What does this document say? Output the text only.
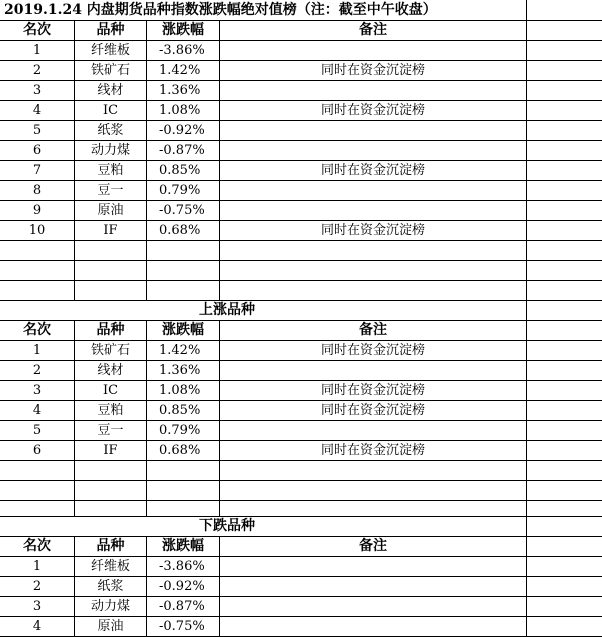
2019.1.24 内盘期货品种指数涨跌幅绝对值榜（注：截至中午收盘）
名次	品种	涨跌幅	备注
1	纤维板	-3.86%
2	铁矿石	1.42%	同时在资金沉淀榜
3	线材	1.36%
4	IC	1.08%	同时在资金沉淀榜
5	纸浆	-0.92%
6	动力煤	-0.87%
7	豆粕	0.85%	同时在资金沉淀榜
8	豆一	0.79%
9	原油	-0.75%
10	IF	0.68%	同时在资金沉淀榜
上涨品种
名次	品种	涨跌幅	备注
1	铁矿石	1.42%	同时在资金沉淀榜
2	线材	1.36%
3	IC	1.08%	同时在资金沉淀榜
4	豆粕	0.85%	同时在资金沉淀榜
5	豆一	0.79%
6	IF	0.68%	同时在资金沉淀榜
下跌品种
名次	品种	涨跌幅	备注
1	纤维板	-3.86%
2	纸浆	-0.92%
3	动力煤	-0.87%
4	原油	-0.75%
